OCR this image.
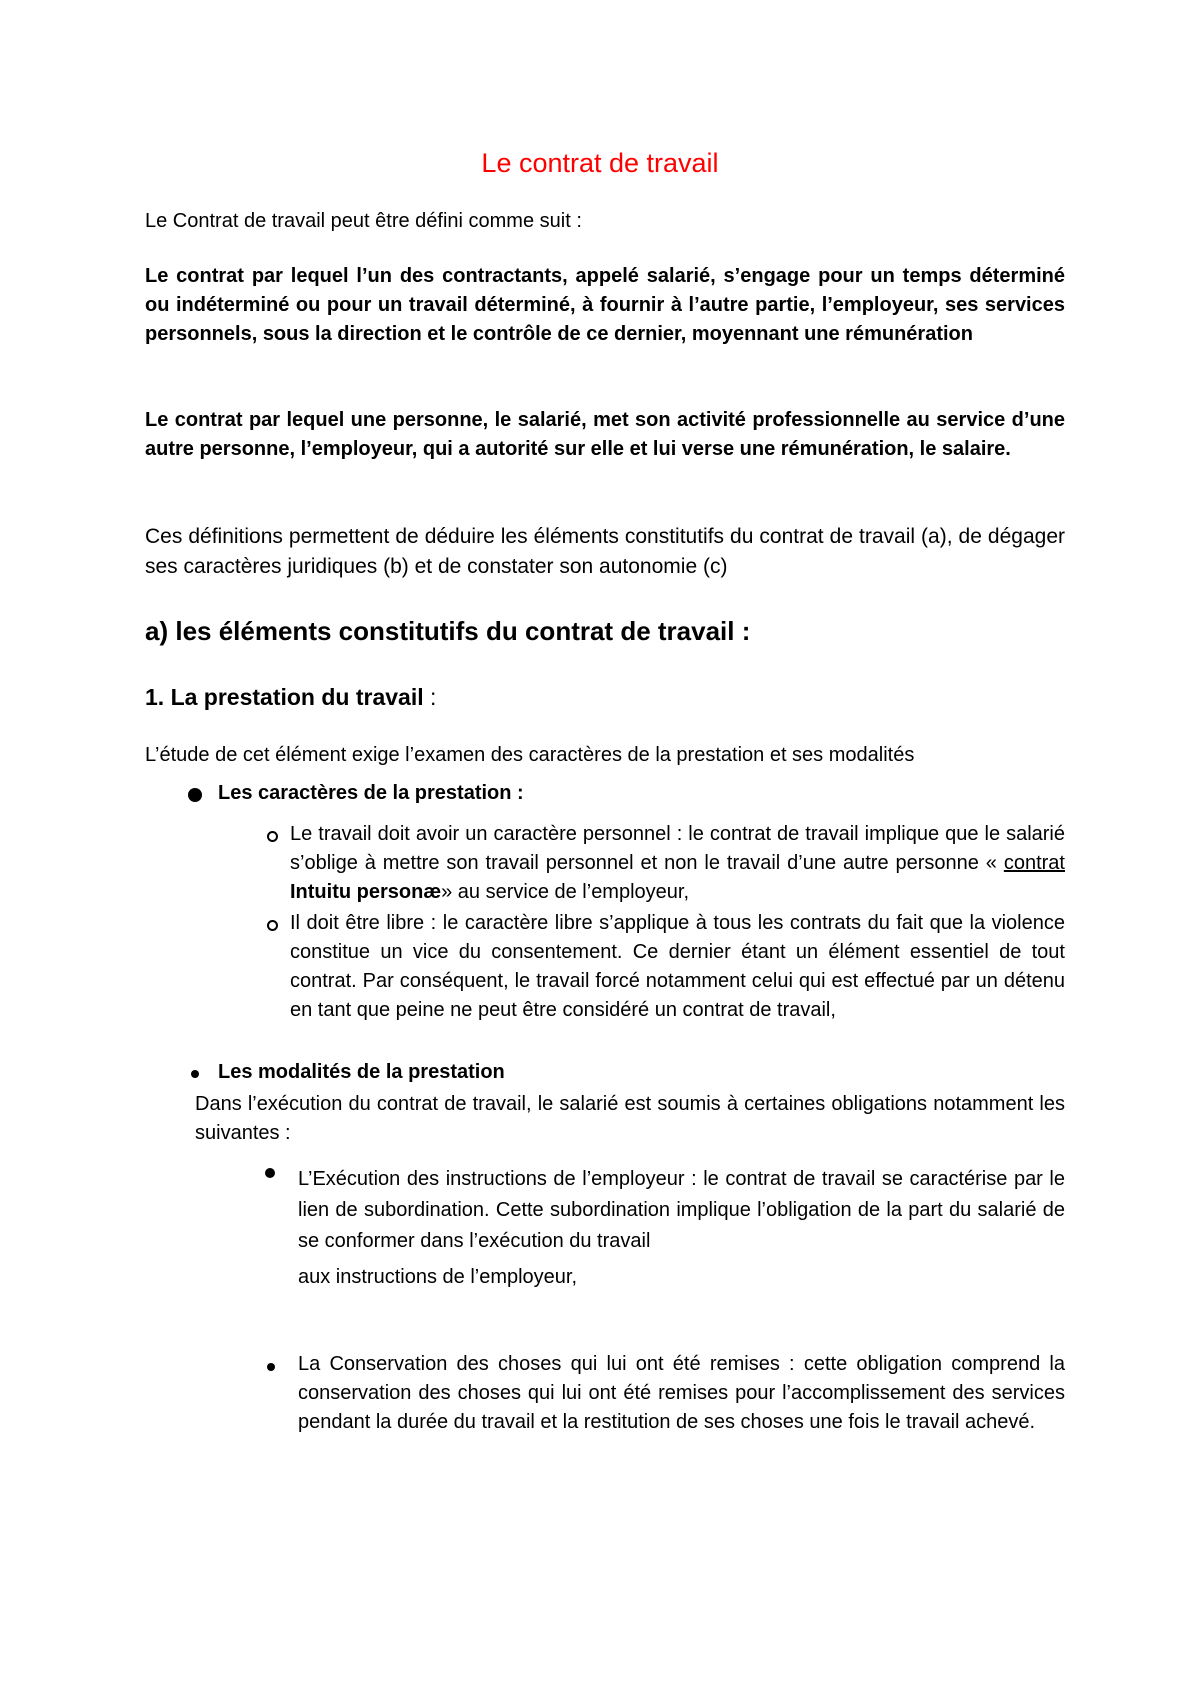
Le contrat de travail

Le Contrat de travail peut être défini comme suit :

Le contrat par lequel l’un des contractants, appelé salarié, s’engage pour un temps déterminé ou indéterminé ou pour un travail déterminé, à fournir à l’autre partie, l’employeur, ses services personnels, sous la direction et le contrôle de ce dernier, moyennant une rémunération

Le contrat par lequel une personne, le salarié, met son activité professionnelle au service d’une autre personne, l’employeur, qui a autorité sur elle et lui verse une rémunération, le salaire.

Ces définitions permettent de déduire les éléments constitutifs du contrat de travail (a), de dégager ses caractères juridiques (b) et de constater son autonomie (c)

a) les éléments constitutifs du contrat de travail :
1. La prestation du travail :

L’étude de cet élément exige l’examen des caractères de la prestation et ses modalités

Les caractères de la prestation :

Le travail doit avoir un caractère personnel : le contrat de travail implique que le salarié s’oblige à mettre son travail personnel et non le travail d’une autre personne « contrat Intuitu personæ» au service de l’employeur,

Il doit être libre : le caractère libre s’applique à tous les contrats du fait que la violence constitue un vice du consentement. Ce dernier étant un élément essentiel de tout contrat. Par conséquent, le travail forcé notamment celui qui est effectué par un détenu en tant que peine ne peut être considéré un contrat de travail,

Les modalités de la prestation

Dans l’exécution du contrat de travail, le salarié est soumis à certaines obligations notamment les suivantes :

L’Exécution des instructions de l’employeur : le contrat de travail se caractérise par le lien de subordination. Cette subordination implique l’obligation de la part du salarié de se conformer dans l’exécution du travail

aux instructions de l’employeur,

La Conservation des choses qui lui ont été remises : cette obligation comprend la conservation des choses qui lui ont été remises pour l’accomplissement des services pendant la durée du travail et la restitution de ses choses une fois le travail achevé.
